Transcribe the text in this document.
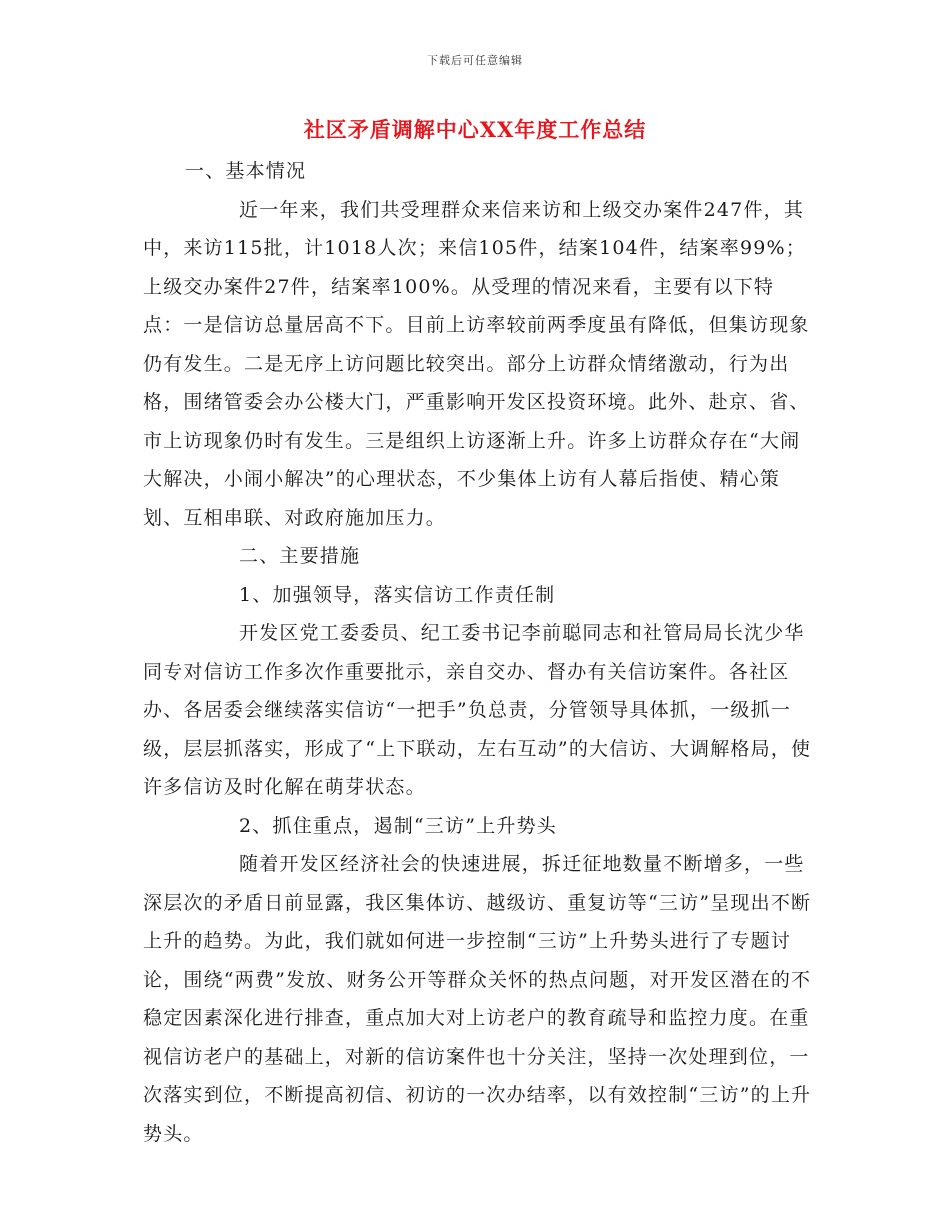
下载后可任意编辑
社区矛盾调解中心XX年度工作总结

一、基本情况

近一年来，我们共受理群众来信来访和上级交办案件247件，其中，来访115批，计1018人次；来信105件，结案104件，结案率99%；上级交办案件27件，结案率100%。从受理的情况来看，主要有以下特点：一是信访总量居高不下。目前上访率较前两季度虽有降低，但集访现象仍有发生。二是无序上访问题比较突出。部分上访群众情绪激动，行为出格，围绪管委会办公楼大门，严重影响开发区投资环境。此外、赴京、省、市上访现象仍时有发生。三是组织上访逐渐上升。许多上访群众存在“大闹大解决，小闹小解决”的心理状态，不少集体上访有人幕后指使、精心策划、互相串联、对政府施加压力。

二、主要措施

1、加强领导，落实信访工作责任制

开发区党工委委员、纪工委书记李前聪同志和社管局局长沈少华同专对信访工作多次作重要批示，亲自交办、督办有关信访案件。各社区办、各居委会继续落实信访“一把手”负总责，分管领导具体抓，一级抓一级，层层抓落实，形成了“上下联动，左右互动”的大信访、大调解格局，使许多信访及时化解在萌芽状态。

2、抓住重点，遏制“三访”上升势头

随着开发区经济社会的快速进展，拆迁征地数量不断增多，一些深层次的矛盾日前显露，我区集体访、越级访、重复访等“三访”呈现出不断上升的趋势。为此，我们就如何进一步控制“三访”上升势头进行了专题讨论，围绕“两费”发放、财务公开等群众关怀的热点问题，对开发区潜在的不稳定因素深化进行排查，重点加大对上访老户的教育疏导和监控力度。在重视信访老户的基础上，对新的信访案件也十分关注，坚持一次处理到位，一次落实到位，不断提高初信、初访的一次办结率，以有效控制“三访”的上升势头。
